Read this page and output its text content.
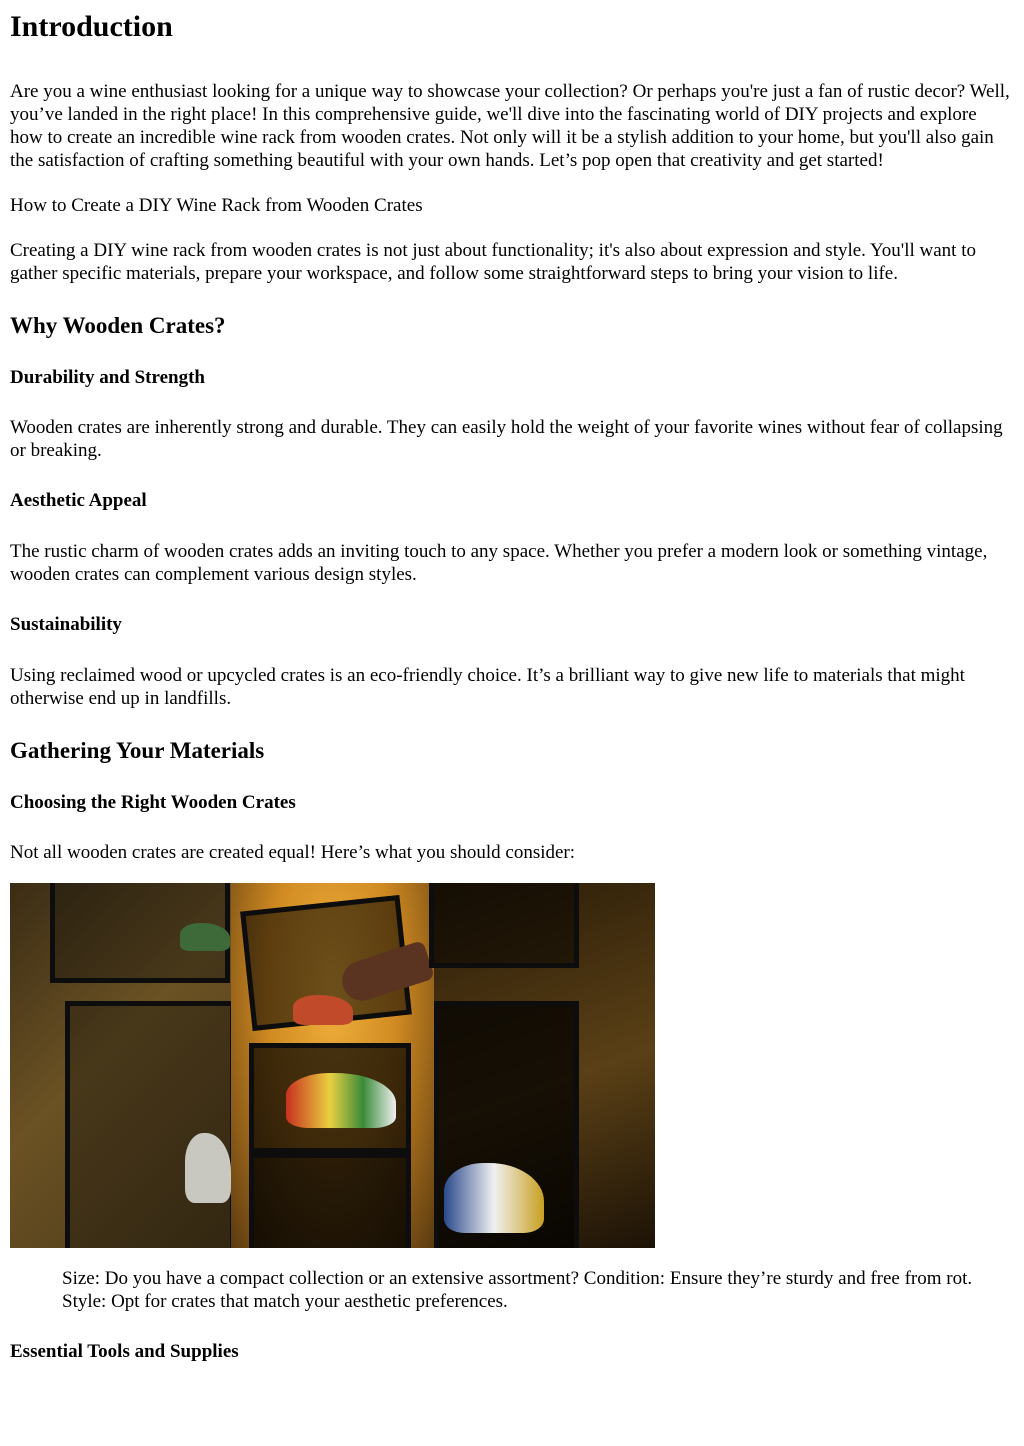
Introduction

Are you a wine enthusiast looking for a unique way to showcase your collection? Or perhaps you're just a fan of rustic decor? Well, you’ve landed in the right place! In this comprehensive guide, we'll dive into the fascinating world of DIY projects and explore how to create an incredible wine rack from wooden crates. Not only will it be a stylish addition to your home, but you'll also gain the satisfaction of crafting something beautiful with your own hands. Let’s pop open that creativity and get started!

How to Create a DIY Wine Rack from Wooden Crates

Creating a DIY wine rack from wooden crates is not just about functionality; it's also about expression and style. You'll want to gather specific materials, prepare your workspace, and follow some straightforward steps to bring your vision to life.

Why Wooden Crates?
Durability and Strength

Wooden crates are inherently strong and durable. They can easily hold the weight of your favorite wines without fear of collapsing or breaking.

Aesthetic Appeal

The rustic charm of wooden crates adds an inviting touch to any space. Whether you prefer a modern look or something vintage, wooden crates can complement various design styles.

Sustainability

Using reclaimed wood or upcycled crates is an eco-friendly choice. It’s a brilliant way to give new life to materials that might otherwise end up in landfills.

Gathering Your Materials
Choosing the Right Wooden Crates

Not all wooden crates are created equal! Here’s what you should consider:

Size: Do you have a compact collection or an extensive assortment? Condition: Ensure they’re sturdy and free from rot. Style: Opt for crates that match your aesthetic preferences.

Essential Tools and Supplies
